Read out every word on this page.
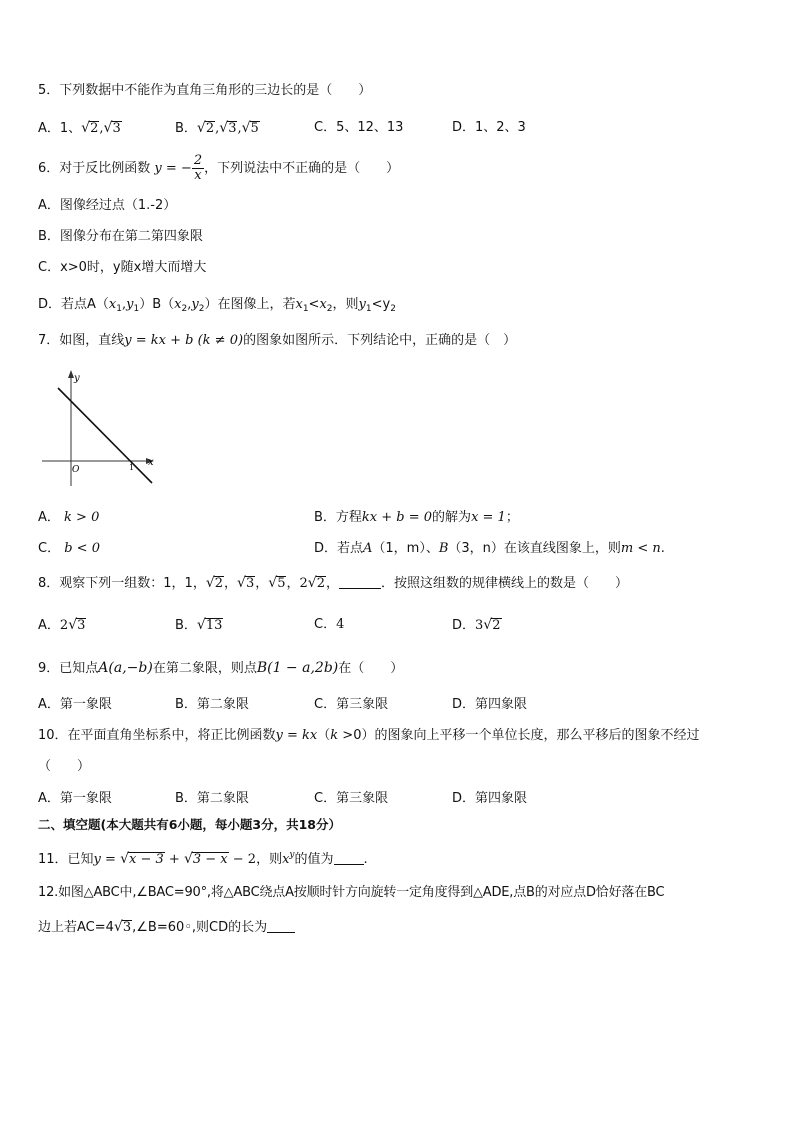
5．下列数据中不能作为直角三角形的三边长的是（　　）
A．1、√2,√3	B．√2,√3,√5	C．5、12、13	D．1、2、3
6．对于反比例函数 y = − $\frac{2}{x}$ ，下列说法中不正确的是（　　）
A．图像经过点（1.-2）
B．图像分布在第二第四象限
C．x>0时，y随x增大而增大
D．若点$A(x_1,y_1)B(x_2,y_2)$在图像上，若$x_1<x_2$，则$y_1<y_2$
7．如图，直线y = kx + b (k ≠ 0)的图象如图所示．下列结论中，正确的是（　）
x
y
O	1
A． k > 0	B．方程kx + b = 0的解为x = 1；
C． b < 0	D．若点A（1，m）、B（3，n）在该直线图象上，则m < n.
8．观察下列一组数：1，1，√2，√3，√5，2√2，	．按照这组数的规律横线上的数是（　　）
A．2√3	B．√13	C．4	D．3√2
9．已知点A(a,−b)在第二象限，则点B(1 − a,2b)在（　　）
A．第一象限	B．第二象限	C．第三象限	D．第四象限
10．在平面直角坐标系中，将正比例函数y = kx（k >0）的图象向上平移一个单位长度，那么平移后的图象不经过
（　　）
A．第一象限	B．第二象限	C．第三象限	D．第四象限
二、填空题(本大题共有6小题，每小题3分，共18分）
11．已知y = √x − 3 + √3 − x − 2，则$x^y$的值为 .
12.如图△ABC中,∠BAC=90°,将△ABC绕点A按顺时针方向旋转一定角度得到△ADE,点B的对应点D恰好落在BC
边上若AC=4√3,∠B=60◦,则CD的长为
